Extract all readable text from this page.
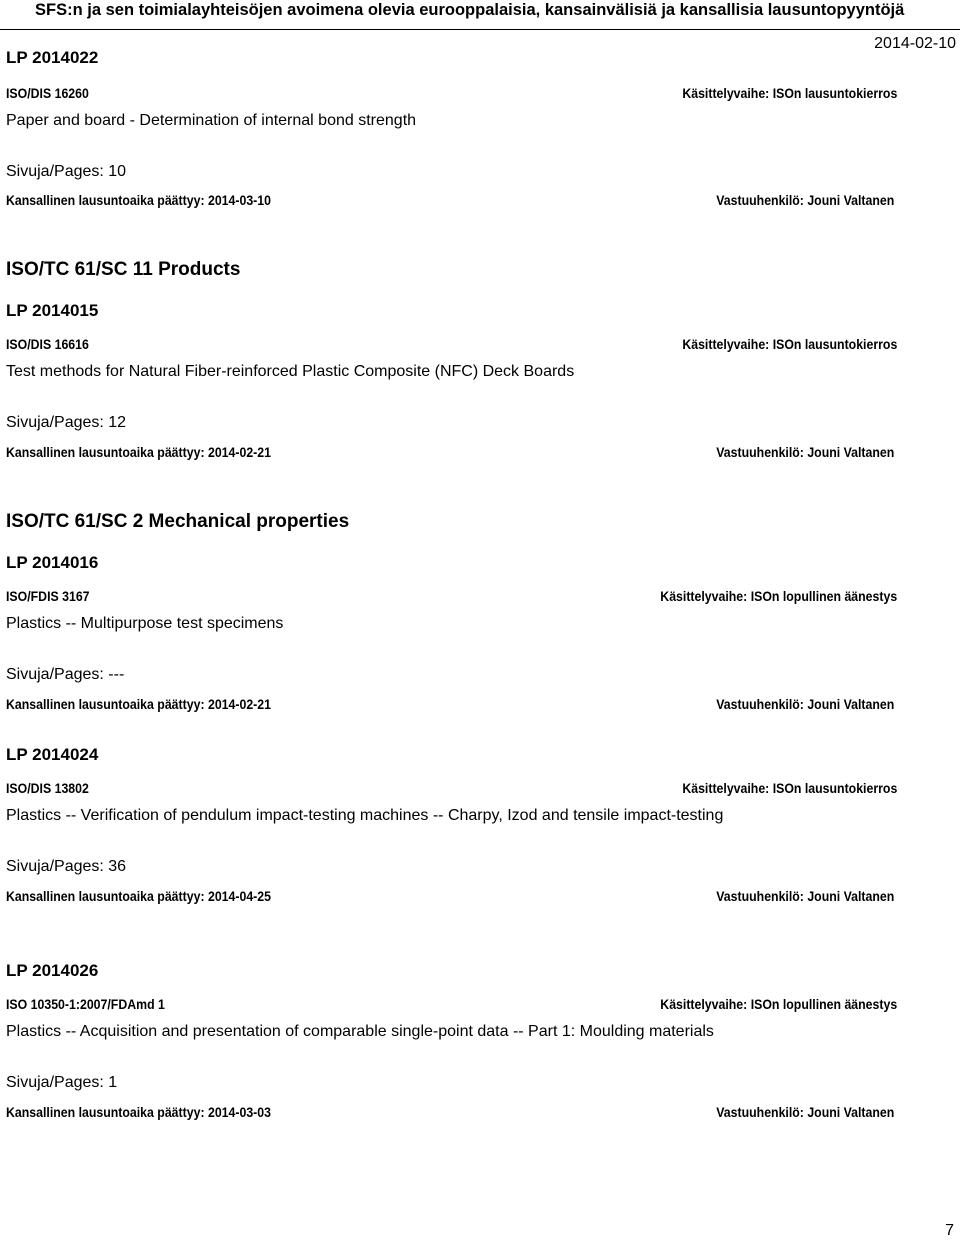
SFS:n ja sen toimialayhteisöjen avoimena olevia eurooppalaisia, kansainvälisiä ja kansallisia lausuntopyyntöjä
2014-02-10
LP 2014022
ISO/DIS 16260	Käsittelyvaihe: ISOn lausuntokierros
Paper and board - Determination of internal bond strength
Sivuja/Pages: 10
Kansallinen lausuntoaika päättyy: 2014-03-10	Vastuuhenkilö: Jouni Valtanen
ISO/TC 61/SC 11 Products
LP 2014015
ISO/DIS 16616	Käsittelyvaihe: ISOn lausuntokierros
Test methods for Natural Fiber-reinforced Plastic Composite (NFC) Deck Boards
Sivuja/Pages: 12
Kansallinen lausuntoaika päättyy: 2014-02-21	Vastuuhenkilö: Jouni Valtanen
ISO/TC 61/SC 2 Mechanical properties
LP 2014016
ISO/FDIS 3167	Käsittelyvaihe: ISOn lopullinen äänestys
Plastics -- Multipurpose test specimens
Sivuja/Pages: ---
Kansallinen lausuntoaika päättyy: 2014-02-21	Vastuuhenkilö: Jouni Valtanen
LP 2014024
ISO/DIS 13802	Käsittelyvaihe: ISOn lausuntokierros
Plastics -- Verification of pendulum impact-testing machines -- Charpy, Izod and tensile impact-testing
Sivuja/Pages: 36
Kansallinen lausuntoaika päättyy: 2014-04-25	Vastuuhenkilö: Jouni Valtanen
LP 2014026
ISO 10350-1:2007/FDAmd 1	Käsittelyvaihe: ISOn lopullinen äänestys
Plastics -- Acquisition and presentation of comparable single-point data -- Part 1: Moulding materials
Sivuja/Pages: 1
Kansallinen lausuntoaika päättyy: 2014-03-03	Vastuuhenkilö: Jouni Valtanen
7
